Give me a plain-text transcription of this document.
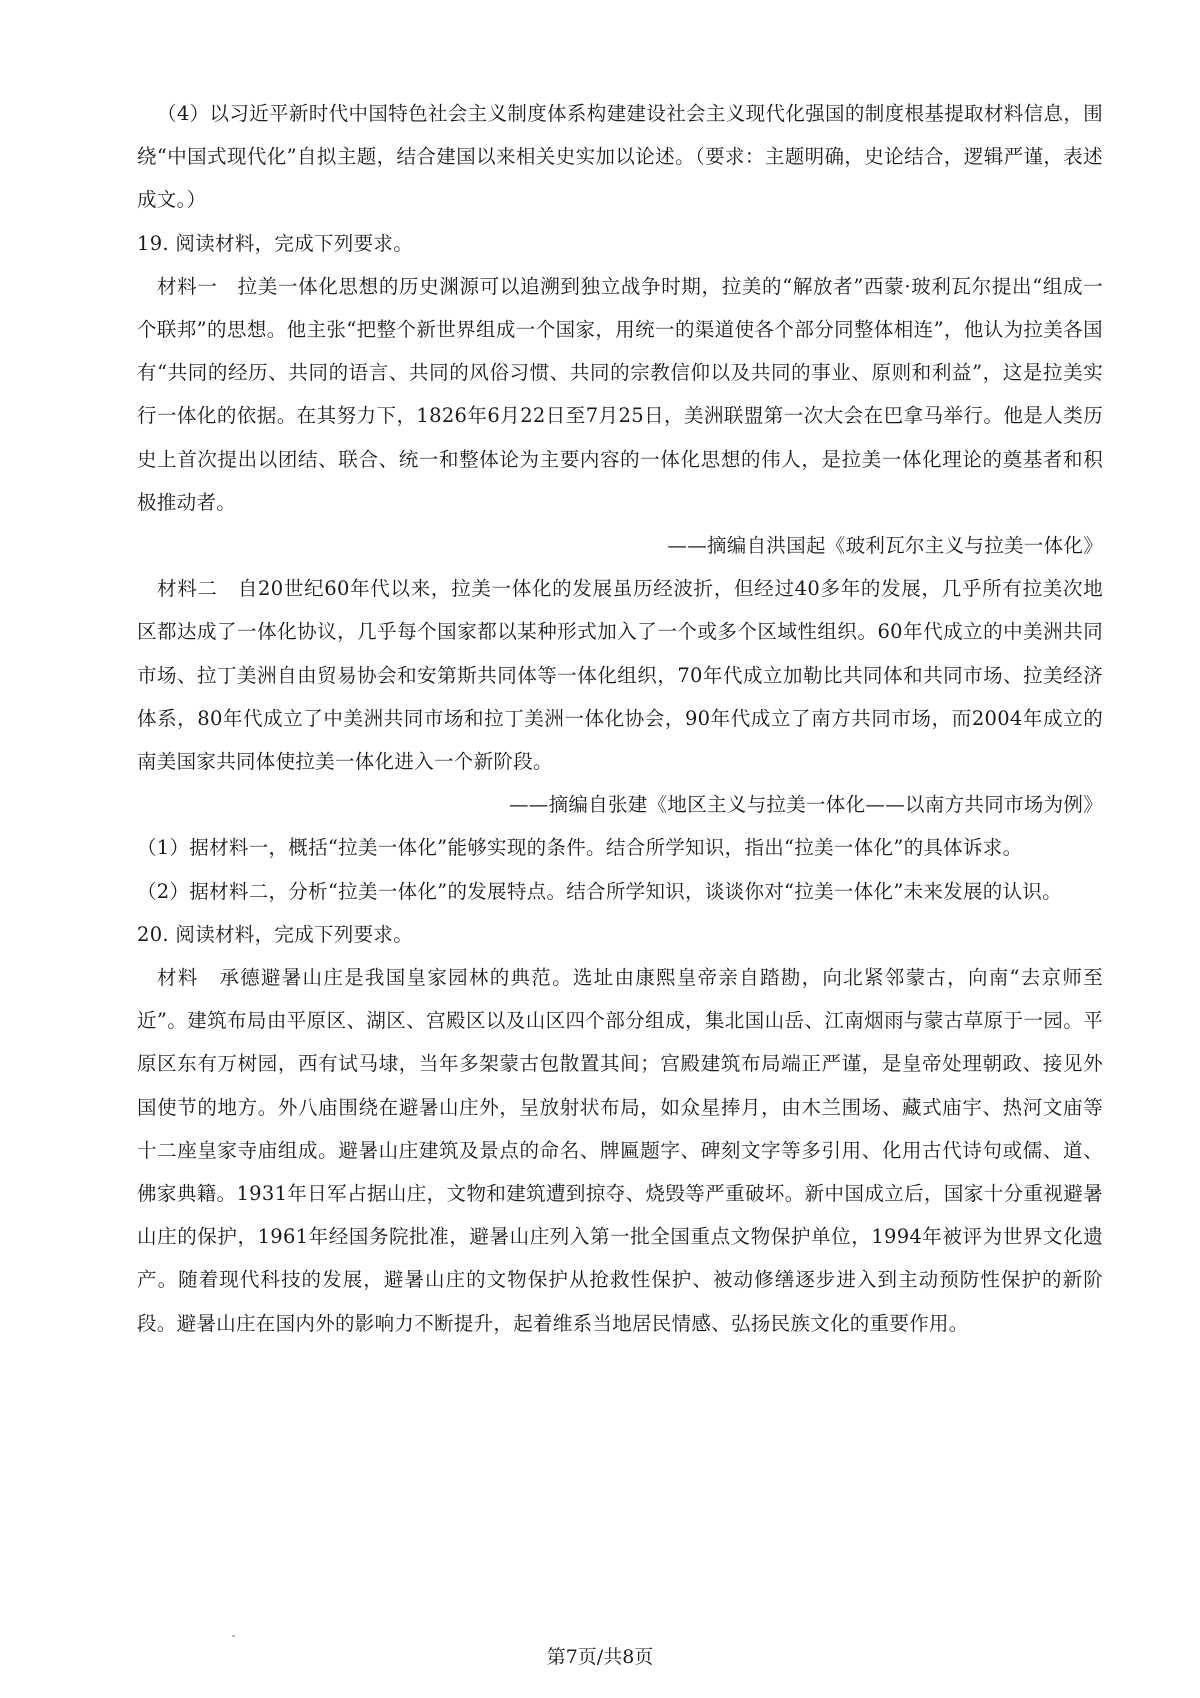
（4）以习近平新时代中国特色社会主义制度体系构建建设社会主义现代化强国的制度根基提取材料信息，围绕“中国式现代化”自拟主题，结合建国以来相关史实加以论述。（要求：主题明确，史论结合，逻辑严谨，表述成文。）

19. 阅读材料，完成下列要求。

材料一　拉美一体化思想的历史渊源可以追溯到独立战争时期，拉美的“解放者”西蒙·玻利瓦尔提出“组成一个联邦”的思想。他主张“把整个新世界组成一个国家，用统一的渠道使各个部分同整体相连”，他认为拉美各国有“共同的经历、共同的语言、共同的风俗习惯、共同的宗教信仰以及共同的事业、原则和利益”，这是拉美实行一体化的依据。在其努力下，1826年6月22日至7月25日，美洲联盟第一次大会在巴拿马举行。他是人类历史上首次提出以团结、联合、统一和整体论为主要内容的一体化思想的伟人，是拉美一体化理论的奠基者和积极推动者。

——摘编自洪国起《玻利瓦尔主义与拉美一体化》

材料二　自20世纪60年代以来，拉美一体化的发展虽历经波折，但经过40多年的发展，几乎所有拉美次地区都达成了一体化协议，几乎每个国家都以某种形式加入了一个或多个区域性组织。60年代成立的中美洲共同市场、拉丁美洲自由贸易协会和安第斯共同体等一体化组织，70年代成立加勒比共同体和共同市场、拉美经济体系，80年代成立了中美洲共同市场和拉丁美洲一体化协会，90年代成立了南方共同市场，而2004年成立的南美国家共同体使拉美一体化进入一个新阶段。

——摘编自张建《地区主义与拉美一体化——以南方共同市场为例》

（1）据材料一，概括“拉美一体化”能够实现的条件。结合所学知识，指出“拉美一体化”的具体诉求。

（2）据材料二，分析“拉美一体化”的发展特点。结合所学知识，谈谈你对“拉美一体化”未来发展的认识。

20. 阅读材料，完成下列要求。

材料　承德避暑山庄是我国皇家园林的典范。选址由康熙皇帝亲自踏勘，向北紧邻蒙古，向南“去京师至近”。建筑布局由平原区、湖区、宫殿区以及山区四个部分组成，集北国山岳、江南烟雨与蒙古草原于一园。平原区东有万树园，西有试马埭，当年多架蒙古包散置其间；宫殿建筑布局端正严谨，是皇帝处理朝政、接见外国使节的地方。外八庙围绕在避暑山庄外，呈放射状布局，如众星捧月，由木兰围场、藏式庙宇、热河文庙等十二座皇家寺庙组成。避暑山庄建筑及景点的命名、牌匾题字、碑刻文字等多引用、化用古代诗句或儒、道、佛家典籍。1931年日军占据山庄，文物和建筑遭到掠夺、烧毁等严重破坏。新中国成立后，国家十分重视避暑山庄的保护，1961年经国务院批准，避暑山庄列入第一批全国重点文物保护单位，1994年被评为世界文化遗产。随着现代科技的发展，避暑山庄的文物保护从抢救性保护、被动修缮逐步进入到主动预防性保护的新阶段。避暑山庄在国内外的影响力不断提升，起着维系当地居民情感、弘扬民族文化的重要作用。

第7页/共8页
